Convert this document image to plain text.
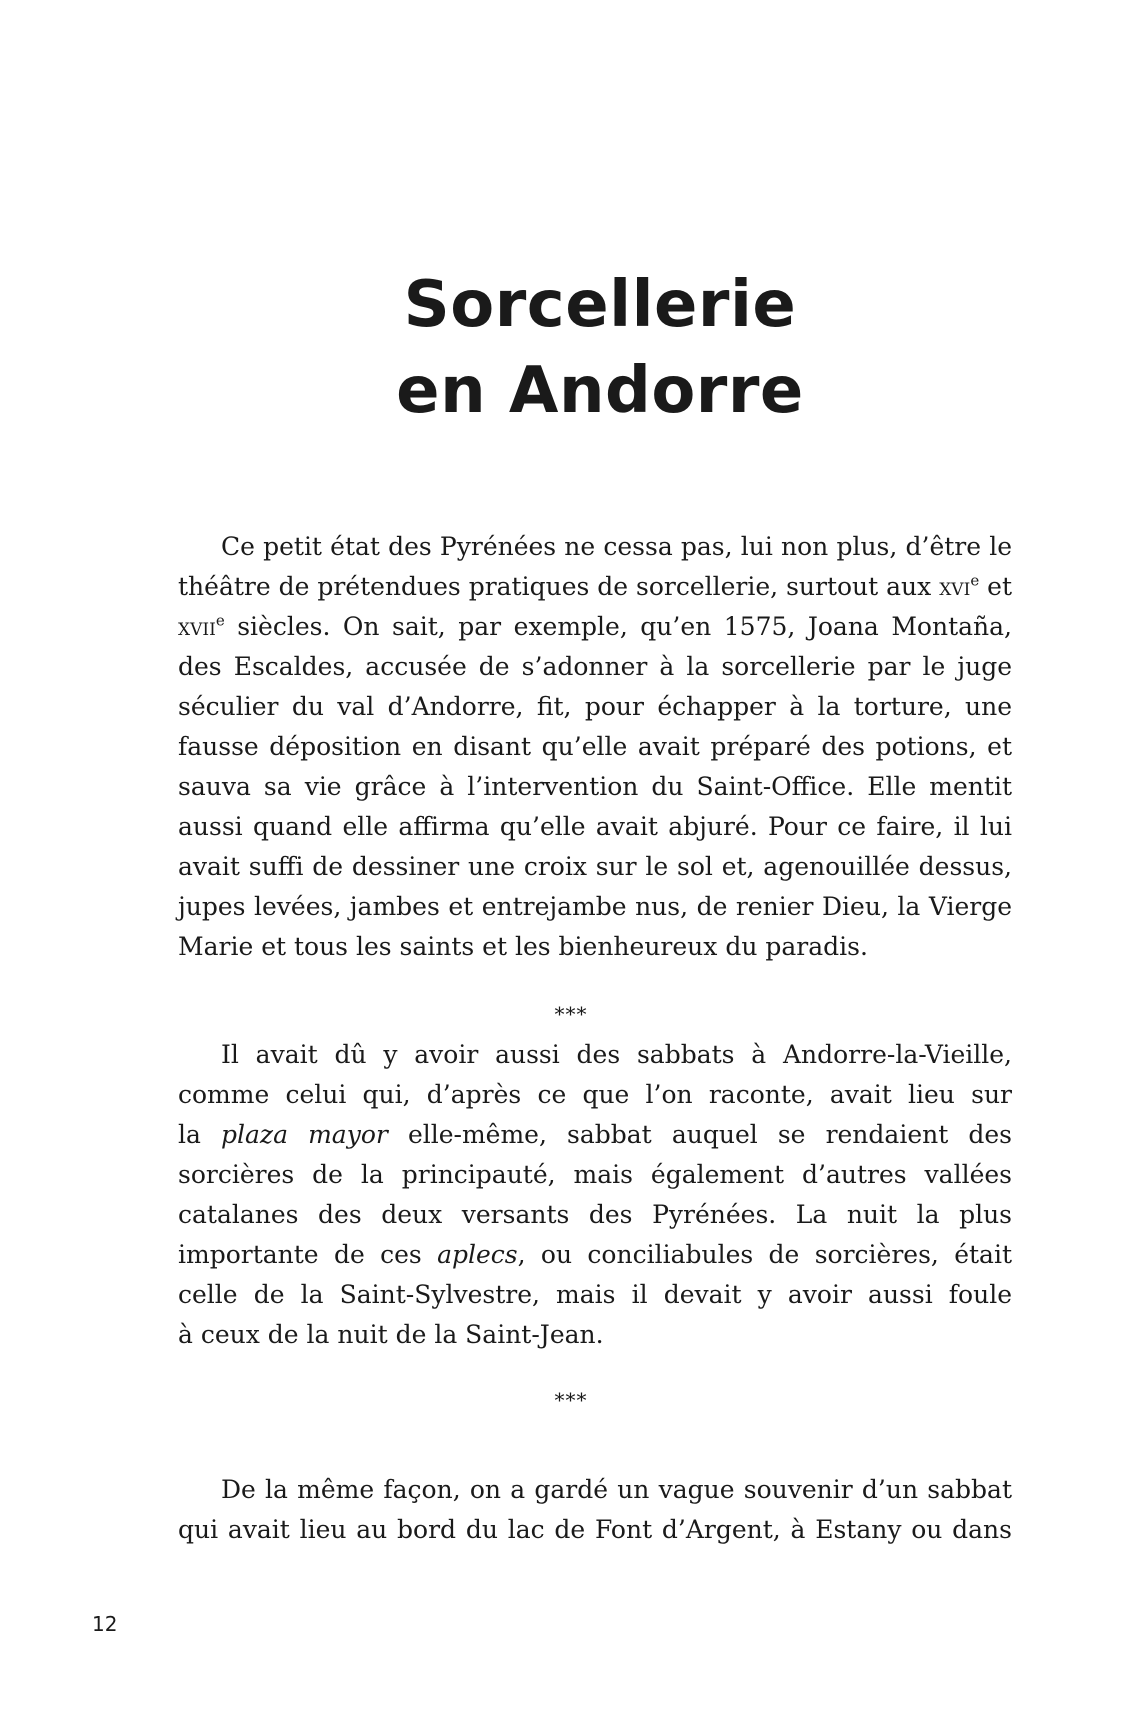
Sorcellerie
en Andorre

Ce petit état des Pyrénées ne cessa pas, lui non plus, d’être le
théâtre de prétendues pratiques de sorcellerie, surtout aux xvi$^e$ et
xvii$^e$ siècles. On sait, par exemple, qu’en 1575, Joana Montaña,
des Escaldes, accusée de s’adonner à la sorcellerie par le juge
séculier du val d’Andorre, fit, pour échapper à la torture, une
fausse déposition en disant qu’elle avait préparé des potions, et
sauva sa vie grâce à l’intervention du Saint-Office. Elle mentit
aussi quand elle affirma qu’elle avait abjuré. Pour ce faire, il lui
avait suffi de dessiner une croix sur le sol et, agenouillée dessus,
jupes levées, jambes et entrejambe nus, de renier Dieu, la Vierge
Marie et tous les saints et les bienheureux du paradis.

***

Il avait dû y avoir aussi des sabbats à Andorre-la-Vieille,
comme celui qui, d’après ce que l’on raconte, avait lieu sur
la plaza mayor elle-même, sabbat auquel se rendaient des
sorcières de la principauté, mais également d’autres vallées
catalanes des deux versants des Pyrénées. La nuit la plus
importante de ces aplecs, ou conciliabules de sorcières, était
celle de la Saint-Sylvestre, mais il devait y avoir aussi foule
à ceux de la nuit de la Saint-Jean.

***

De la même façon, on a gardé un vague souvenir d’un sabbat
qui avait lieu au bord du lac de Font d’Argent, à Estany ou dans

12
